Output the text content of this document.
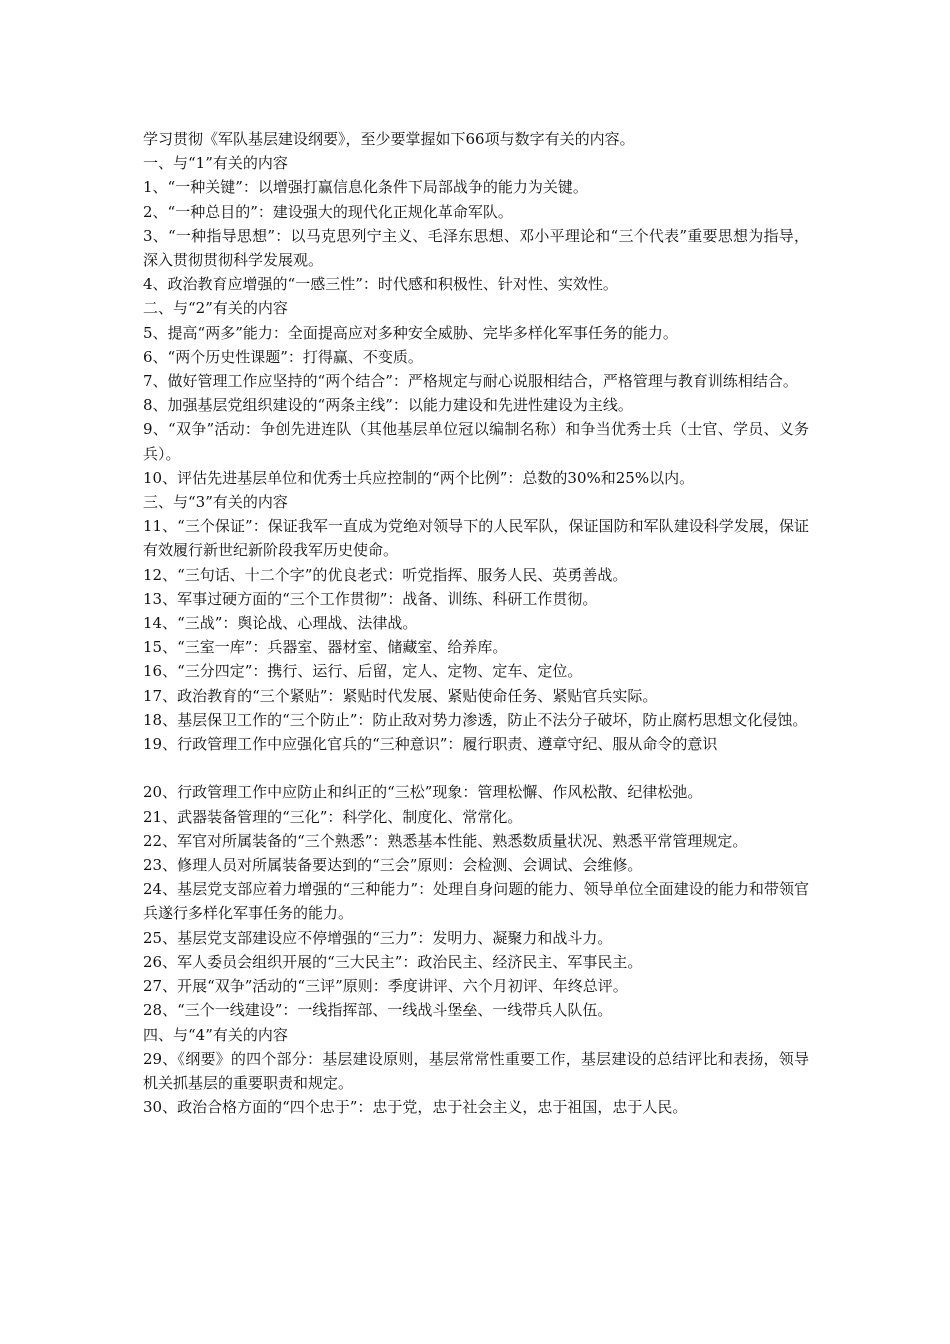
学习贯彻《军队基层建设纲要》，至少要掌握如下66项与数字有关的内容。

一、与“1”有关的内容

1、“一种关键”：以增强打赢信息化条件下局部战争的能力为关键。

2、“一种总目的”：建设强大的现代化正规化革命军队。

3、“一种指导思想”：以马克思列宁主义、毛泽东思想、邓小平理论和“三个代表”重要思想为指导，深入贯彻贯彻科学发展观。

4、政治教育应增强的“一感三性”：时代感和积极性、针对性、实效性。

二、与“2”有关的内容

5、提高“两多”能力：全面提高应对多种安全威胁、完毕多样化军事任务的能力。

6、“两个历史性课题”：打得赢、不变质。

7、做好管理工作应坚持的“两个结合”：严格规定与耐心说服相结合，严格管理与教育训练相结合。

8、加强基层党组织建设的“两条主线”：以能力建设和先进性建设为主线。

9、“双争”活动：争创先进连队（其他基层单位冠以编制名称）和争当优秀士兵（士官、学员、义务兵）。

10、评估先进基层单位和优秀士兵应控制的“两个比例”：总数的30%和25%以内。

三、与“3”有关的内容

11、“三个保证”：保证我军一直成为党绝对领导下的人民军队，保证国防和军队建设科学发展，保证有效履行新世纪新阶段我军历史使命。

12、“三句话、十二个字”的优良老式：听党指挥、服务人民、英勇善战。

13、军事过硬方面的“三个工作贯彻”：战备、训练、科研工作贯彻。

14、“三战”：舆论战、心理战、法律战。

15、“三室一库”：兵器室、器材室、储藏室、给养库。

16、“三分四定”：携行、运行、后留，定人、定物、定车、定位。

17、政治教育的“三个紧贴”：紧贴时代发展、紧贴使命任务、紧贴官兵实际。

18、基层保卫工作的“三个防止”：防止敌对势力渗透，防止不法分子破坏，防止腐朽思想文化侵蚀。

19、行政管理工作中应强化官兵的“三种意识”：履行职责、遵章守纪、服从命令的意识

20、行政管理工作中应防止和纠正的“三松”现象：管理松懈、作风松散、纪律松弛。

21、武器装备管理的“三化”：科学化、制度化、常常化。

22、军官对所属装备的“三个熟悉”：熟悉基本性能、熟悉数质量状况、熟悉平常管理规定。

23、修理人员对所属装备要达到的“三会”原则：会检测、会调试、会维修。

24、基层党支部应着力增强的“三种能力”：处理自身问题的能力、领导单位全面建设的能力和带领官兵遂行多样化军事任务的能力。

25、基层党支部建设应不停增强的“三力”：发明力、凝聚力和战斗力。

26、军人委员会组织开展的“三大民主”：政治民主、经济民主、军事民主。

27、开展“双争”活动的“三评”原则：季度讲评、六个月初评、年终总评。

28、“三个一线建设”：一线指挥部、一线战斗堡垒、一线带兵人队伍。

四、与“4”有关的内容

29、《纲要》的四个部分：基层建设原则，基层常常性重要工作，基层建设的总结评比和表扬，领导机关抓基层的重要职责和规定。

30、政治合格方面的“四个忠于”：忠于党，忠于社会主义，忠于祖国，忠于人民。
